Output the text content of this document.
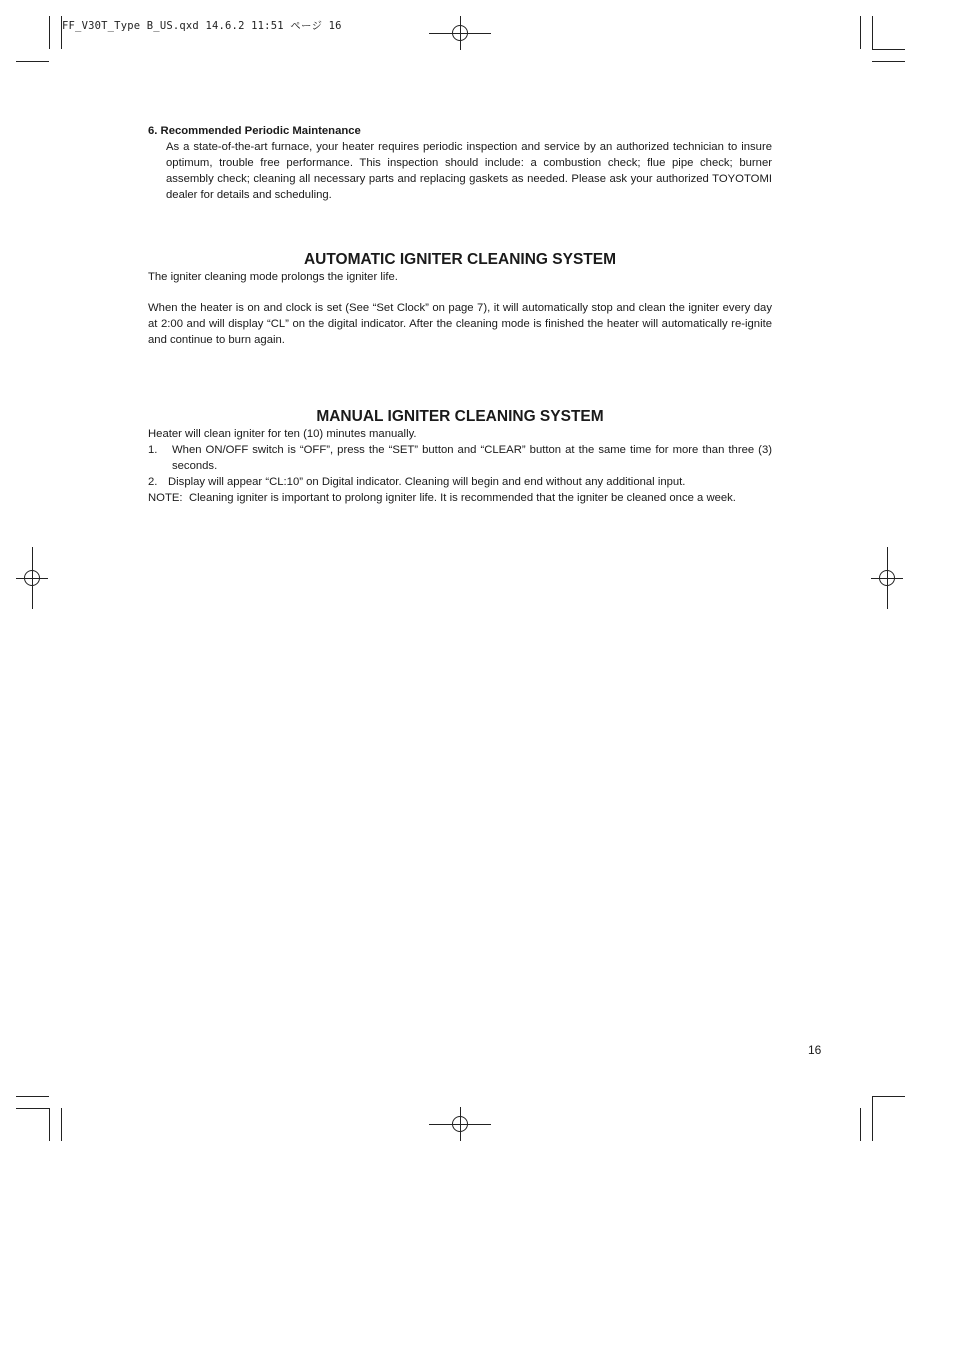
FF_V30T_Type B_US.qxd 14.6.2 11:51 ページ 16
6. Recommended Periodic Maintenance
As a state-of-the-art furnace, your heater requires periodic inspection and service by an authorized technician to insure optimum, trouble free performance. This inspection should include: a combustion check; flue pipe check; burner assembly check; cleaning all necessary parts and replacing gaskets as needed. Please ask your authorized TOYOTOMI dealer for details and scheduling.
AUTOMATIC IGNITER CLEANING SYSTEM

The igniter cleaning mode prolongs the igniter life.

When the heater is on and clock is set (See “Set Clock” on page 7), it will automatically stop and clean the igniter every day at 2:00 and will display “CL” on the digital indicator. After the cleaning mode is finished the heater will automatically re-ignite and continue to burn again.

MANUAL IGNITER CLEANING SYSTEM

Heater will clean igniter for ten (10) minutes manually.

1.	When ON/OFF switch is “OFF”, press the “SET” button and “CLEAR” button at the same time for more than three (3) seconds.
2. Display will appear “CL:10” on Digital indicator. Cleaning will begin and end without any additional input.
NOTE: Cleaning igniter is important to prolong igniter life. It is recommended that the igniter be cleaned once a week.
16
